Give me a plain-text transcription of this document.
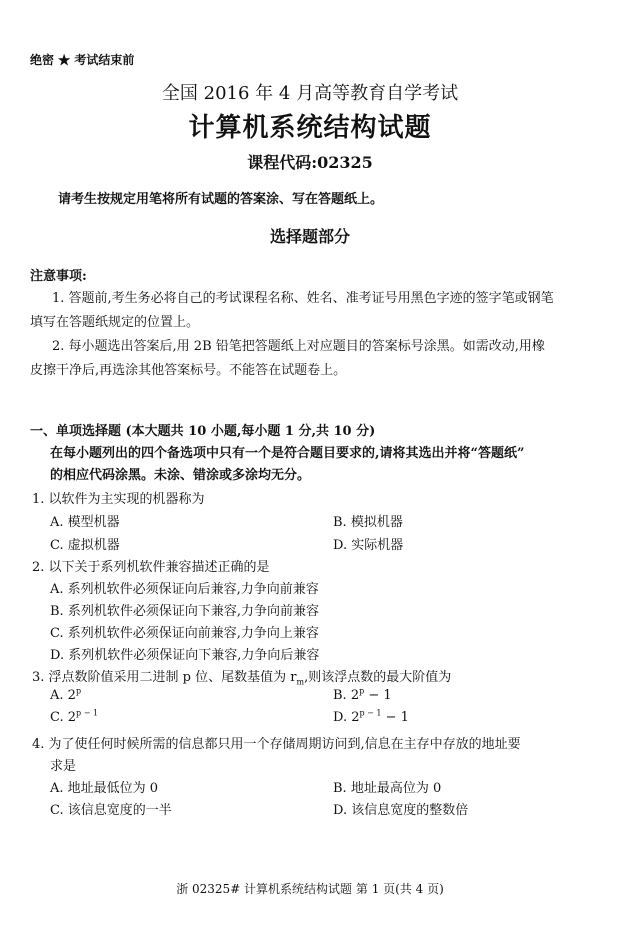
绝密 ★ 考试结束前
全国 2016 年 4 月高等教育自学考试
计算机系统结构试题
课程代码:02325
请考生按规定用笔将所有试题的答案涂、写在答题纸上。
选择题部分
注意事项:
1. 答题前,考生务必将自己的考试课程名称、姓名、准考证号用黑色字迹的签字笔或钢笔
填写在答题纸规定的位置上。
2. 每小题选出答案后,用 2B 铅笔把答题纸上对应题目的答案标号涂黑。如需改动,用橡
皮擦干净后,再选涂其他答案标号。不能答在试题卷上。
一、单项选择题 (本大题共 10 小题,每小题 1 分,共 10 分)
在每小题列出的四个备选项中只有一个是符合题目要求的,请将其选出并将“答题纸”
的相应代码涂黑。未涂、错涂或多涂均无分。
1. 以软件为主实现的机器称为
A. 模型机器	B. 模拟机器
C. 虚拟机器	D. 实际机器
2. 以下关于系列机软件兼容描述正确的是
A. 系列机软件必须保证向后兼容,力争向前兼容
B. 系列机软件必须保证向下兼容,力争向前兼容
C. 系列机软件必须保证向前兼容,力争向上兼容
D. 系列机软件必须保证向下兼容,力争向后兼容
3. 浮点数阶值采用二进制 p 位、尾数基值为 $r_m$,则该浮点数的最大阶值为
A. 2$^p$	B. $2^p - 1$
C. $2^{p - 1}$	D. $2^{p - 1} - 1$
4. 为了使任何时候所需的信息都只用一个存储周期访问到,信息在主存中存放的地址要
求是
A. 地址最低位为 0	B. 地址最高位为 0
C. 该信息宽度的一半	D. 该信息宽度的整数倍
浙 02325# 计算机系统结构试题 第 1 页(共 4 页)
